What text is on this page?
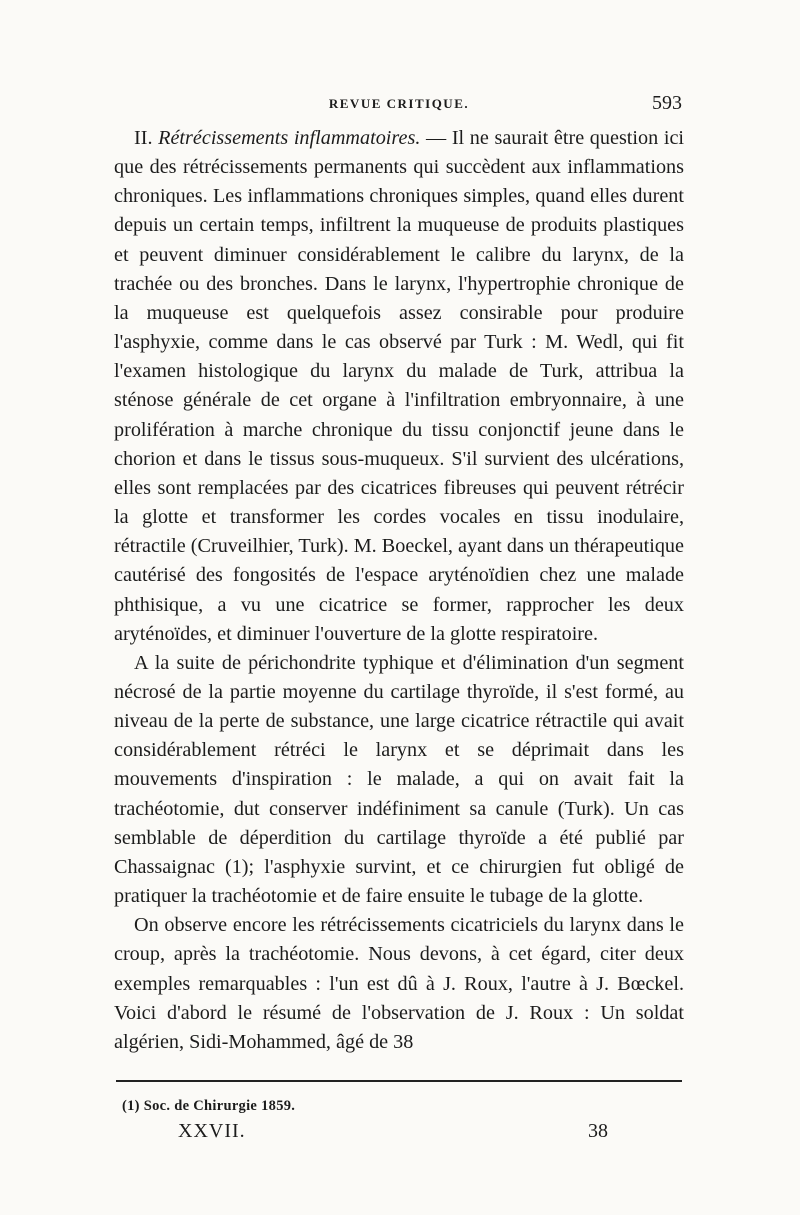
REVUE CRITIQUE.	593

II. Rétrécissements inflammatoires. — Il ne saurait être question ici que des rétrécissements permanents qui succèdent aux inflammations chroniques. Les inflammations chroniques simples, quand elles durent depuis un certain temps, infiltrent la muqueuse de produits plastiques et peuvent diminuer considérablement le calibre du larynx, de la trachée ou des bronches. Dans le larynx, l'hypertrophie chronique de la muqueuse est quelquefois assez consirable pour produire l'asphyxie, comme dans le cas observé par Turk : M. Wedl, qui fit l'examen histologique du larynx du malade de Turk, attribua la sténose générale de cet organe à l'infiltration embryonnaire, à une prolifération à marche chronique du tissu conjonctif jeune dans le chorion et dans le tissus sous-muqueux. S'il survient des ulcérations, elles sont remplacées par des cicatrices fibreuses qui peuvent rétrécir la glotte et transformer les cordes vocales en tissu inodulaire, rétractile (Cruveilhier, Turk). M. Boeckel, ayant dans un thérapeutique cautérisé des fongosités de l'espace aryténoïdien chez une malade phthisique, a vu une cicatrice se former, rapprocher les deux aryténoïdes, et diminuer l'ouverture de la glotte respiratoire.

A la suite de périchondrite typhique et d'élimination d'un segment nécrosé de la partie moyenne du cartilage thyroïde, il s'est formé, au niveau de la perte de substance, une large cicatrice rétractile qui avait considérablement rétréci le larynx et se déprimait dans les mouvements d'inspiration : le malade, a qui on avait fait la trachéotomie, dut conserver indéfiniment sa canule (Turk). Un cas semblable de déperdition du cartilage thyroïde a été publié par Chassaignac (1); l'asphyxie survint, et ce chirurgien fut obligé de pratiquer la trachéotomie et de faire ensuite le tubage de la glotte.

On observe encore les rétrécissements cicatriciels du larynx dans le croup, après la trachéotomie. Nous devons, à cet égard, citer deux exemples remarquables : l'un est dû à J. Roux, l'autre à J. Bœckel. Voici d'abord le résumé de l'observation de J. Roux : Un soldat algérien, Sidi-Mohammed, âgé de 38

(1) Soc. de Chirurgie 1859.
XXVII.	38
